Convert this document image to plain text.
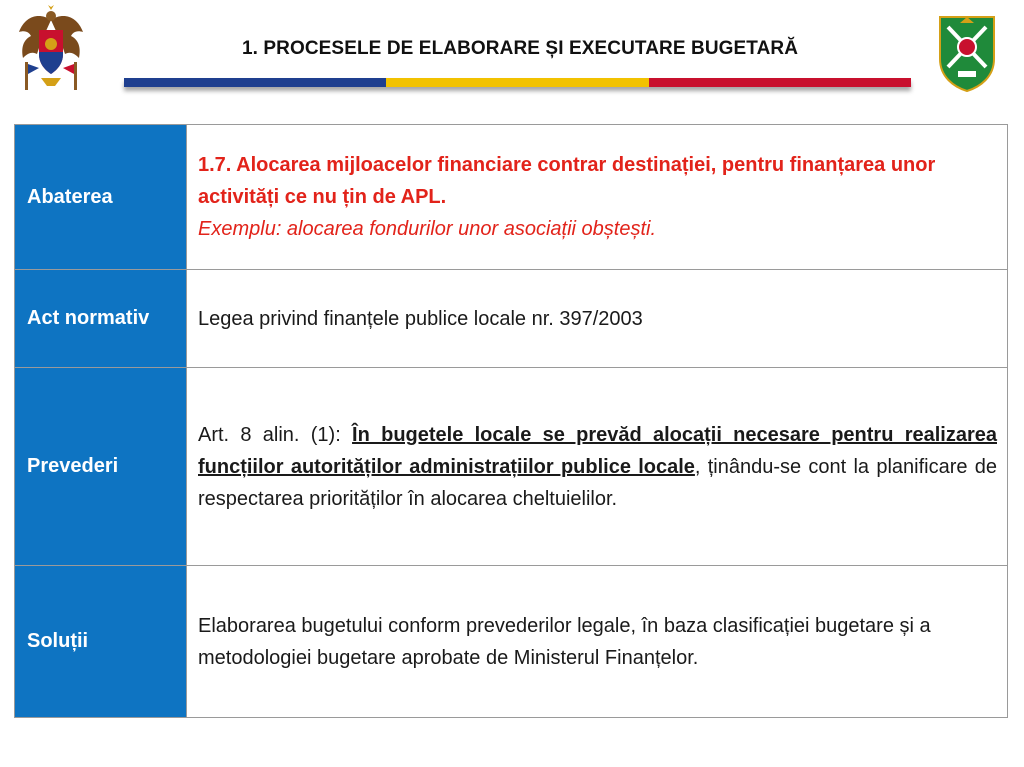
1. PROCESELE DE ELABORARE ȘI EXECUTARE BUGETARĂ
Abaterea	1.7. Alocarea mijloacelor financiare contrar destinației, pentru finanțarea unor activități ce nu țin de APL.
Exemplu: alocarea fondurilor unor asociații obștești.

Act normativ	Legea privind finanțele publice locale nr. 397/2003
Prevederi	Art. 8 alin. (1): În bugetele locale se prevăd alocații necesare pentru realizarea funcțiilor autorităților administrațiilor publice locale, ținându-se cont la planificare de respectarea priorităților în alocarea cheltuielilor.
Soluții	Elaborarea bugetului conform prevederilor legale, în baza clasificației bugetare și a metodologiei bugetare aprobate de Ministerul Finanțelor.
